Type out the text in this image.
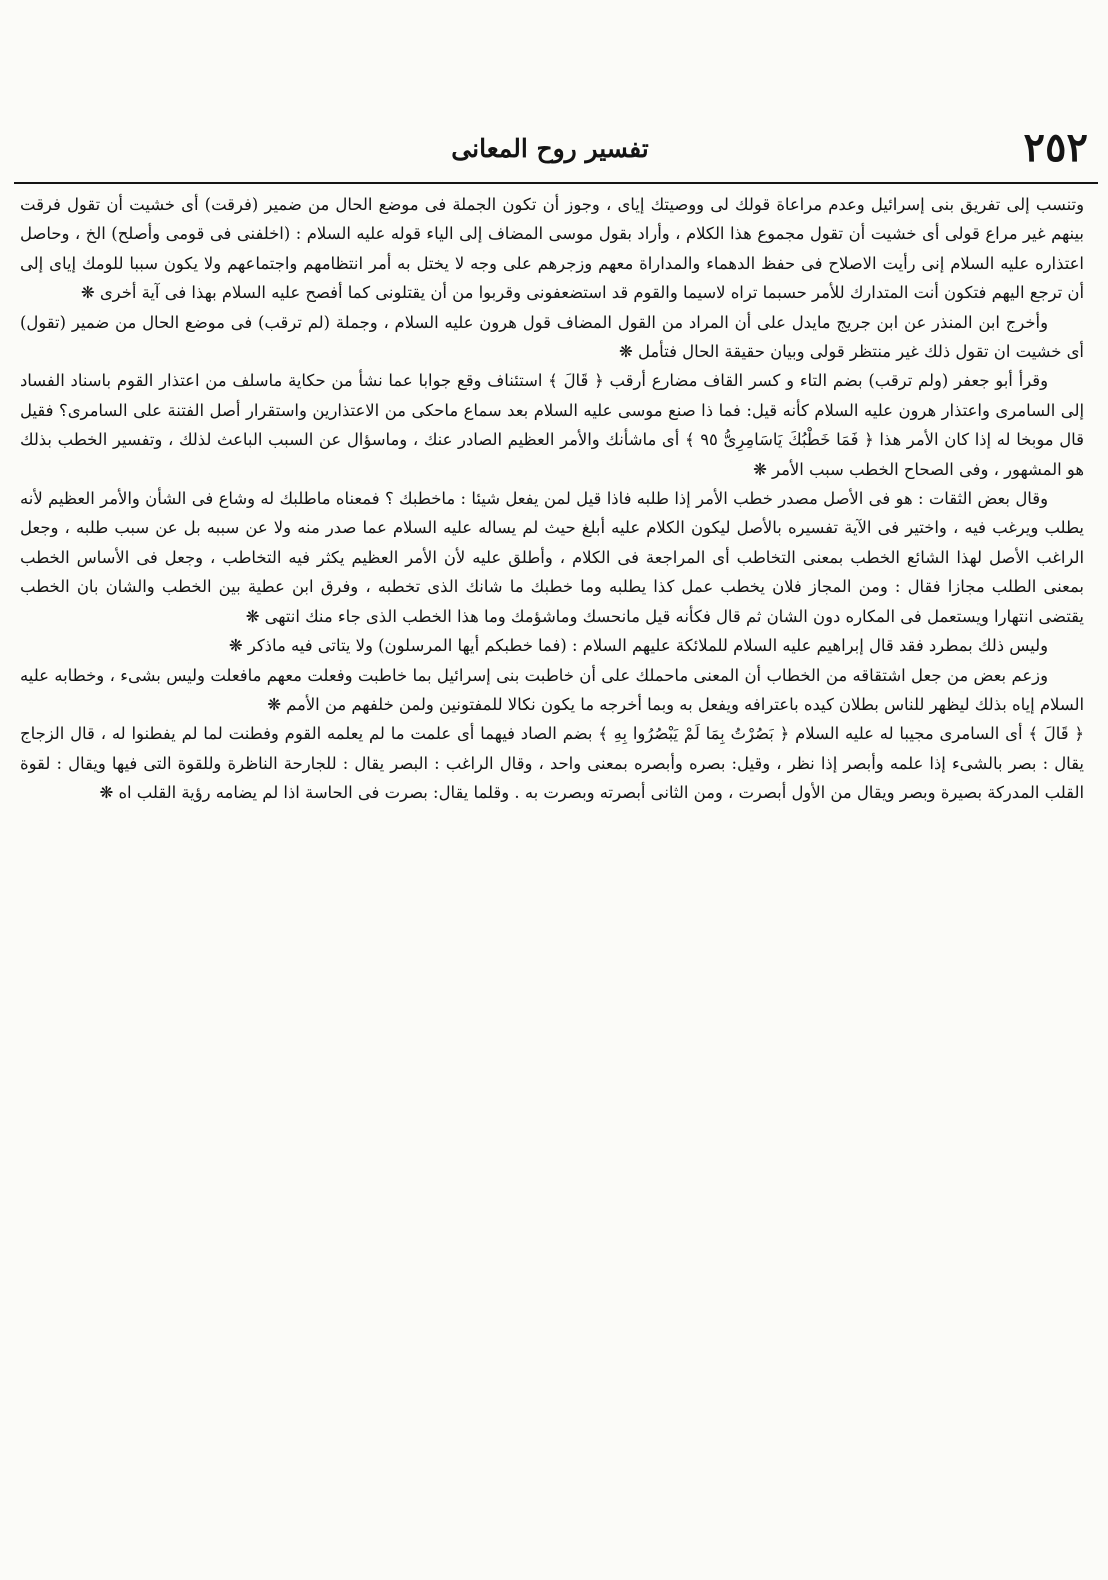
٢٥٢
تفسير روح المعانى

وتنسب إلى تفريق بنى إسرائيل وعدم مراعاة قولك لى ووصيتك إياى ، وجوز أن تكون الجملة فى موضع الحال من ضمير (فرقت) أى خشيت أن تقول فرقت بينهم غير مراع قولى أى خشيت أن تقول مجموع هذا الكلام ، وأراد بقول موسى المضاف إلى الياء قوله عليه السلام : (اخلفنى فى قومى وأصلح) الخ ، وحاصل اعتذاره عليه السلام إنى رأيت الاصلاح فى حفظ الدهماء والمداراة معهم وزجرهم على وجه لا يختل به أمر انتظامهم واجتماعهم ولا يكون سببا للومك إياى إلى أن ترجع اليهم فتكون أنت المتدارك للأمر حسبما تراه لاسيما والقوم قد استضعفونى وقربوا من أن يقتلونى كما أفصح عليه السلام بهذا فى آية أخرى ❋

وأخرج ابن المنذر عن ابن جريج مايدل على أن المراد من القول المضاف قول هرون عليه السلام ، وجملة (لم ترقب) فى موضع الحال من ضمير (تقول) أى خشيت ان تقول ذلك غير منتظر قولى وبيان حقيقة الحال فتأمل ❋

وقرأ أبو جعفر (ولم ترقب) بضم التاء و كسر القاف مضارع أرقب ﴿ قَالَ ﴾ استئناف وقع جوابا عما نشأ من حكاية ماسلف من اعتذار القوم باسناد الفساد إلى السامرى واعتذار هرون عليه السلام كأنه قيل: فما ذا صنع موسى عليه السلام بعد سماع ماحكى من الاعتذارين واستقرار أصل الفتنة على السامرى؟ فقيل قال موبخا له إذا كان الأمر هذا ﴿ فَمَا خَطْبُكَ يَاسَامِرِىُّ ٩٥ ﴾ أى ماشأنك والأمر العظيم الصادر عنك ، وماسؤال عن السبب الباعث لذلك ، وتفسير الخطب بذلك هو المشهور ، وفى الصحاح الخطب سبب الأمر ❋

وقال بعض الثقات : هو فى الأصل مصدر خطب الأمر إذا طلبه فاذا قيل لمن يفعل شيئا : ماخطبك ؟ فمعناه ماطلبك له وشاع فى الشأن والأمر العظيم لأنه يطلب ويرغب فيه ، واختير فى الآية تفسيره بالأصل ليكون الكلام عليه أبلغ حيث لم يساله عليه السلام عما صدر منه ولا عن سببه بل عن سبب طلبه ، وجعل الراغب الأصل لهذا الشائع الخطب بمعنى التخاطب أى المراجعة فى الكلام ، وأطلق عليه لأن الأمر العظيم يكثر فيه التخاطب ، وجعل فى الأساس الخطب بمعنى الطلب مجازا فقال : ومن المجاز فلان يخطب عمل كذا يطلبه وما خطبك ما شانك الذى تخطبه ، وفرق ابن عطية بين الخطب والشان بان الخطب يقتضى انتهارا ويستعمل فى المكاره دون الشان ثم قال فكأنه قيل مانحسك وماشؤمك وما هذا الخطب الذى جاء منك انتهى ❋

وليس ذلك بمطرد فقد قال إبراهيم عليه السلام للملائكة عليهم السلام : (فما خطبكم أيها المرسلون) ولا يتاتى فيه ماذكر ❋

وزعم بعض من جعل اشتقاقه من الخطاب أن المعنى ماحملك على أن خاطبت بنى إسرائيل بما خاطبت وفعلت معهم مافعلت وليس بشىء ، وخطابه عليه السلام إياه بذلك ليظهر للناس بطلان كيده باعترافه ويفعل به وبما أخرجه ما يكون نكالا للمفتونين ولمن خلفهم من الأمم ❋

﴿ قَالَ ﴾ أى السامرى مجيبا له عليه السلام ﴿ بَصُرْتُ بِمَا لَمْ يَبْصُرُوا بِهِ ﴾ بضم الصاد فيهما أى علمت ما لم يعلمه القوم وفطنت لما لم يفطنوا له ، قال الزجاج يقال : بصر بالشىء إذا علمه وأبصر إذا نظر ، وقيل: بصره وأبصره بمعنى واحد ، وقال الراغب : البصر يقال : للجارحة الناظرة وللقوة التى فيها ويقال : لقوة القلب المدركة بصيرة وبصر ويقال من الأول أبصرت ، ومن الثانى أبصرته وبصرت به . وقلما يقال: بصرت فى الحاسة اذا لم يضامه رؤية القلب اه ❋
